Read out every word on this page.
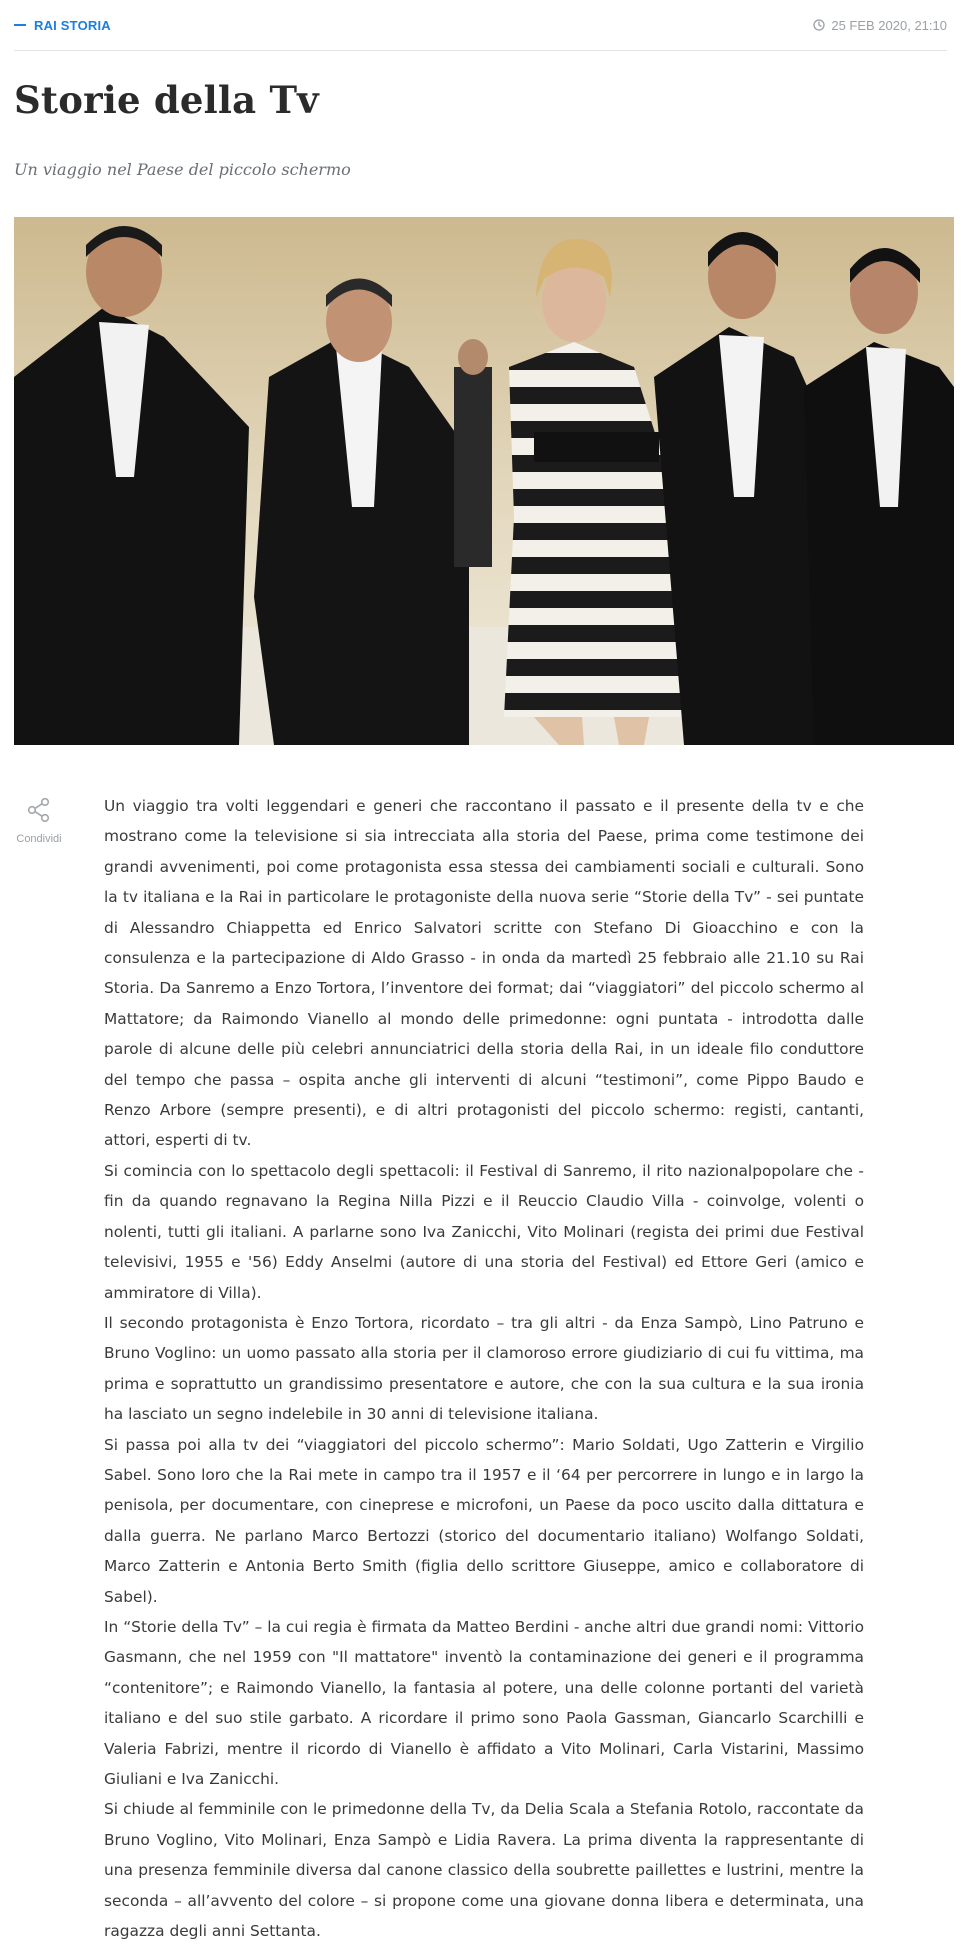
RAI STORIA	25 FEB 2020, 21:10
Storie della Tv

Un viaggio nel Paese del piccolo schermo

Condividi

Un viaggio tra volti leggendari e generi che raccontano il passato e il presente della tv e che mostrano come la televisione si sia intrecciata alla storia del Paese, prima come testimone dei grandi avvenimenti, poi come protagonista essa stessa dei cambiamenti sociali e culturali. Sono la tv italiana e la Rai in particolare le protagoniste della nuova serie “Storie della Tv” - sei puntate di Alessandro Chiappetta ed Enrico Salvatori scritte con Stefano Di Gioacchino e con la consulenza e la partecipazione di Aldo Grasso - in onda da martedì 25 febbraio alle 21.10 su Rai Storia. Da Sanremo a Enzo Tortora, l’inventore dei format; dai “viaggiatori” del piccolo schermo al Mattatore; da Raimondo Vianello al mondo delle primedonne: ogni puntata - introdotta dalle parole di alcune delle più celebri annunciatrici della storia della Rai, in un ideale filo conduttore del tempo che passa – ospita anche gli interventi di alcuni “testimoni”, come Pippo Baudo e Renzo Arbore (sempre presenti), e di altri protagonisti del piccolo schermo: registi, cantanti, attori, esperti di tv.

Si comincia con lo spettacolo degli spettacoli: il Festival di Sanremo, il rito nazionalpopolare che - fin da quando regnavano la Regina Nilla Pizzi e il Reuccio Claudio Villa - coinvolge, volenti o nolenti, tutti gli italiani. A parlarne sono Iva Zanicchi, Vito Molinari (regista dei primi due Festival televisivi, 1955 e '56) Eddy Anselmi (autore di una storia del Festival) ed Ettore Geri (amico e ammiratore di Villa).

Il secondo protagonista è Enzo Tortora, ricordato – tra gli altri - da Enza Sampò, Lino Patruno e Bruno Voglino: un uomo passato alla storia per il clamoroso errore giudiziario di cui fu vittima, ma prima e soprattutto un grandissimo presentatore e autore, che con la sua cultura e la sua ironia ha lasciato un segno indelebile in 30 anni di televisione italiana.

Si passa poi alla tv dei “viaggiatori del piccolo schermo”: Mario Soldati, Ugo Zatterin e Virgilio Sabel. Sono loro che la Rai mete in campo tra il 1957 e il ‘64 per percorrere in lungo e in largo la penisola, per documentare, con cineprese e microfoni, un Paese da poco uscito dalla dittatura e dalla guerra. Ne parlano Marco Bertozzi (storico del documentario italiano) Wolfango Soldati, Marco Zatterin e Antonia Berto Smith (figlia dello scrittore Giuseppe, amico e collaboratore di Sabel).

In “Storie della Tv” – la cui regia è firmata da Matteo Berdini - anche altri due grandi nomi: Vittorio Gasmann, che nel 1959 con "Il mattatore" inventò la contaminazione dei generi e il programma “contenitore”; e Raimondo Vianello, la fantasia al potere, una delle colonne portanti del varietà italiano e del suo stile garbato. A ricordare il primo sono Paola Gassman, Giancarlo Scarchilli e Valeria Fabrizi, mentre il ricordo di Vianello è affidato a Vito Molinari, Carla Vistarini, Massimo Giuliani e Iva Zanicchi.

Si chiude al femminile con le primedonne della Tv, da Delia Scala a Stefania Rotolo, raccontate da Bruno Voglino, Vito Molinari, Enza Sampò e Lidia Ravera. La prima diventa la rappresentante di una presenza femminile diversa dal canone classico della soubrette paillettes e lustrini, mentre la seconda – all’avvento del colore – si propone come una giovane donna libera e determinata, una ragazza degli anni Settanta.
